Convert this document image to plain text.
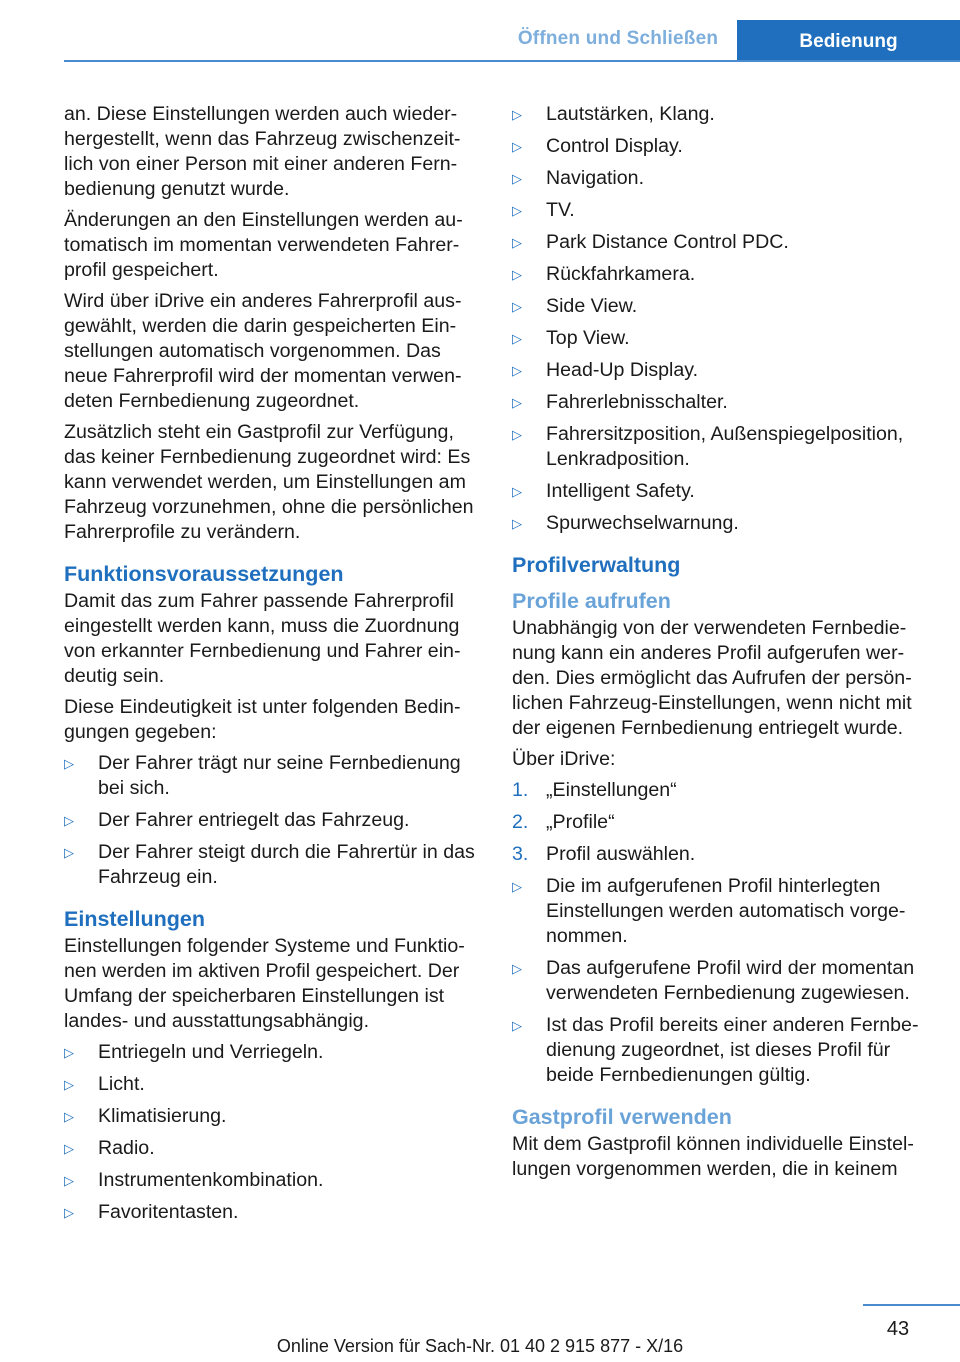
Öffnen und Schließen	Bedienung

an. Diese Einstellungen werden auch wiederhergestellt, wenn das Fahrzeug zwischenzeitlich von einer Person mit einer anderen Fernbedienung genutzt wurde.

Änderungen an den Einstellungen werden automatisch im momentan verwendeten Fahrerprofil gespeichert.

Wird über iDrive ein anderes Fahrerprofil ausgewählt, werden die darin gespeicherten Einstellungen automatisch vorgenommen. Das neue Fahrerprofil wird der momentan verwendeten Fernbedienung zugeordnet.

Zusätzlich steht ein Gastprofil zur Verfügung, das keiner Fernbedienung zugeordnet wird: Es kann verwendet werden, um Einstellungen am Fahrzeug vorzunehmen, ohne die persönlichen Fahrerprofile zu verändern.

Funktionsvoraussetzungen

Damit das zum Fahrer passende Fahrerprofil eingestellt werden kann, muss die Zuordnung von erkannter Fernbedienung und Fahrer eindeutig sein.

Diese Eindeutigkeit ist unter folgenden Bedingungen gegeben:

▷ Der Fahrer trägt nur seine Fernbedienung bei sich.
▷ Der Fahrer entriegelt das Fahrzeug.
▷ Der Fahrer steigt durch die Fahrertür in das Fahrzeug ein.
Einstellungen

Einstellungen folgender Systeme und Funktionen werden im aktiven Profil gespeichert. Der Umfang der speicherbaren Einstellungen ist landes- und ausstattungsabhängig.

▷ Entriegeln und Verriegeln.
▷ Licht.
▷ Klimatisierung.
▷ Radio.
▷ Instrumentenkombination.
▷ Favoritentasten.
▷ Lautstärken, Klang.
▷ Control Display.
▷ Navigation.
▷ TV.
▷ Park Distance Control PDC.
▷ Rückfahrkamera.
▷ Side View.
▷ Top View.
▷ Head-Up Display.
▷ Fahrerlebnisschalter.
▷ Fahrersitzposition, Außenspiegelposition, Lenkradposition.
▷ Intelligent Safety.
▷ Spurwechselwarnung.
Profilverwaltung
Profile aufrufen

Unabhängig von der verwendeten Fernbedienung kann ein anderes Profil aufgerufen werden. Dies ermöglicht das Aufrufen der persönlichen Fahrzeug-Einstellungen, wenn nicht mit der eigenen Fernbedienung entriegelt wurde.

Über iDrive:

1. „Einstellungen“
2. „Profile“
3. Profil auswählen.
▷ Die im aufgerufenen Profil hinterlegten Einstellungen werden automatisch vorgenommen.
▷ Das aufgerufene Profil wird der momentan verwendeten Fernbedienung zugewiesen.
▷ Ist das Profil bereits einer anderen Fernbedienung zugeordnet, ist dieses Profil für beide Fernbedienungen gültig.
Gastprofil verwenden

Mit dem Gastprofil können individuelle Einstellungen vorgenommen werden, die in keinem

43
Online Version für Sach-Nr. 01 40 2 915 877 - X/16
